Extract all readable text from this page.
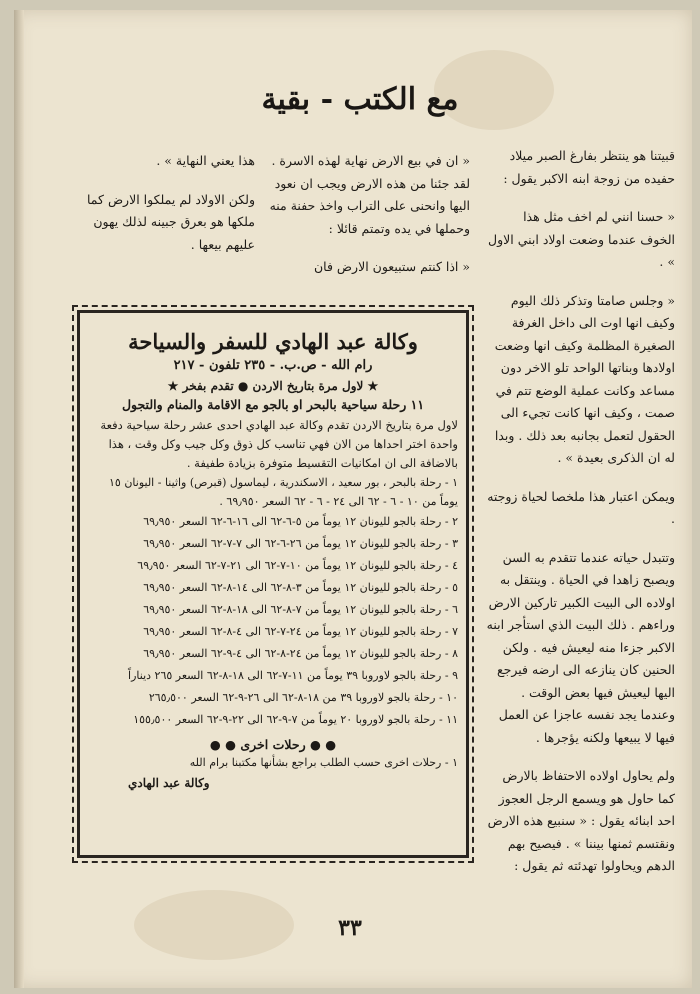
مع الكتب - بقية

قبيتنا هو ينتظر بفارغ الصبر ميلاد حفيده من زوجة ابنه الاكبر يقول :

« حسنا انني لم اخف مثل هذا الخوف عندما وضعت اولاد ابني الاول » .

« وجلس صامتا وتذكر ذلك اليوم وكيف انها اوت الى داخل الغرفة الصغيرة المظلمة وكيف انها وضعت اولادها وبناتها الواحد تلو الاخر دون مساعد وكانت عملية الوضع تتم في صمت ، وكيف انها كانت تجيء الى الحقول لتعمل بجانبه بعد ذلك . وبدا له ان الذكرى بعيدة » .

ويمكن اعتبار هذا ملخصا لحياة زوجته .

وتتبدل حياته عندما تتقدم به السن ويصبح زاهدا في الحياة . وينتقل به اولاده الى البيت الكبير تاركين الارض وراءهم . ذلك البيت الذي استأجر ابنه الاكبر جزءا منه ليعيش فيه . ولكن الحنين كان ينازعه الى ارضه فيرجع اليها ليعيش فيها بعض الوقت . وعندما يجد نفسه عاجزا عن العمل فيها لا يبيعها ولكنه يؤجرها .

ولم يحاول اولاده الاحتفاظ بالارض كما حاول هو ويسمع الرجل العجوز احد ابنائه يقول : « سنبيع هذه الارض ونقتسم ثمنها بيننا » . فيصيح بهم الدهم ويحاولوا تهدئته ثم يقول :

« ان في بيع الارض نهاية لهذه الاسرة . لقد جئنا من هذه الارض ويجب ان نعود اليها وانحنى على التراب واخذ حفنة منه وحملها في يده وتمتم قائلا :

« اذا كنتم ستبيعون الارض فان

هذا يعني النهاية » .

ولكن الاولاد لم يملكوا الارض كما ملكها هو بعرق جبينه لذلك يهون عليهم بيعها .

وكالة عبد الهادي للسفر والسياحة
رام الله - ص.ب. - ٢٣٥ تلفون - ٢١٧
★ لاول مرة بتاريخ الاردن ● تقدم بفخر ★
١١ رحلة سياحية بالبحر او بالجو مع الاقامة والمنام والتجول
لاول مرة بتاريخ الاردن تقدم وكالة عبد الهادي احدى عشر رحلة سياحية دفعة واحدة اختر احداها من الان فهي تناسب كل ذوق وكل جيب وكل وقت ، هذا بالاضافة الى ان امكانيات التقسيط متوفرة بزيادة طفيفة .
١ - رحلة بالبحر ، بور سعيد ، الاسكندرية ، ليماسول (قبرص) واثينا - اليونان ١٥ يوماً من ١٠ - ٦ - ٦٢ الى ٢٤ - ٦ - ٦٢ السعر ٦٩٫٩٥٠ .
٢ - رحلة بالجو لليونان ١٢ يوماً من ٥-٦-٦٢ الى ١٦-٦-٦٢ السعر ٦٩٫٩٥٠
٣ - رحلة بالجو لليونان ١٢ يوماً من ٢٦-٦-٦٢ الى ٧-٧-٦٢ السعر ٦٩٫٩٥٠
٤ - رحلة بالجو لليونان ١٢ يوماً من ١٠-٧-٦٢ الى ٢١-٧-٦٢ السعر ٦٩٫٩٥٠
٥ - رحلة بالجو لليونان ١٢ يوماً من ٣-٨-٦٢ الى ١٤-٨-٦٢ السعر ٦٩٫٩٥٠
٦ - رحلة بالجو لليونان ١٢ يوماً من ٧-٨-٦٢ الى ١٨-٨-٦٢ السعر ٦٩٫٩٥٠
٧ - رحلة بالجو لليونان ١٢ يوماً من ٢٤-٧-٦٢ الى ٤-٨-٦٢ السعر ٦٩٫٩٥٠
٨ - رحلة بالجو لليونان ١٢ يوماً من ٢٤-٨-٦٢ الى ٤-٩-٦٢ السعر ٦٩٫٩٥٠
٩ - رحلة بالجو لاوروبا ٣٩ يوماً من ١١-٧-٦٢ الى ١٨-٨-٦٢ السعر ٢٦٥ ديناراً
١٠ - رحلة بالجو لاوروبا ٣٩ من ١٨-٨-٦٢ الى ٢٦-٩-٦٢ السعر ٢٦٥٫٥٠٠
١١ - رحلة بالجو لاوروبا ٢٠ يوماً من ٧-٩-٦٢ الى ٢٢-٩-٦٢ السعر ١٥٥٫٥٠٠
● ● رحلات اخرى ● ●
١ - رحلات اخرى حسب الطلب براجع بشأنها مكتبنا برام الله
وكالة عبد الهادي
٣٣
